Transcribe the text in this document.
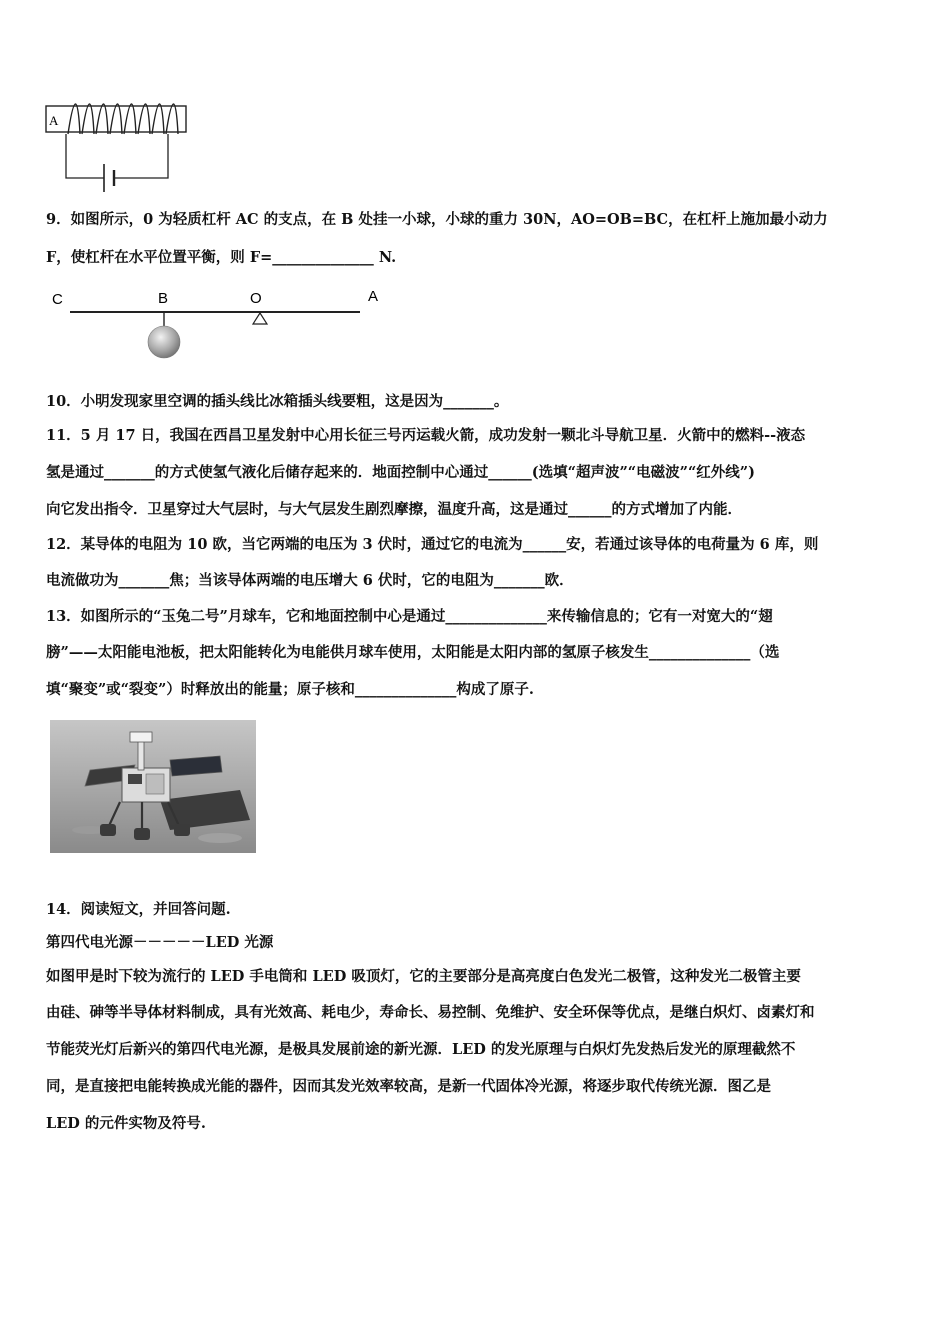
A
C	B	O	A
9．如图所示，0 为轻质杠杆 AC 的支点，在 B 处挂一小球，小球的重力 30N，AO=OB=BC，在杠杆上施加最小动力
F，使杠杆在水平位置平衡，则 F=______________ N.
10．小明发现家里空调的插头线比冰箱插头线要粗，这是因为_______。
11．5 月 17 日，我国在西昌卫星发射中心用长征三号丙运载火箭，成功发射一颗北斗导航卫星．火箭中的燃料--液态
氢是通过_______的方式使氢气液化后储存起来的．地面控制中心通过______(选填“超声波”“电磁波”“红外线”)
向它发出指令．卫星穿过大气层时，与大气层发生剧烈摩擦，温度升高，这是通过______的方式增加了内能．
12．某导体的电阻为 10 欧，当它两端的电压为 3 伏时，通过它的电流为______安，若通过该导体的电荷量为 6 库，则
电流做功为_______焦；当该导体两端的电压增大 6 伏时，它的电阻为_______欧．
13．如图所示的“玉兔二号”月球车，它和地面控制中心是通过______________来传输信息的；它有一对宽大的“翅
膀”——太阳能电池板，把太阳能转化为电能供月球车使用，太阳能是太阳内部的氢原子核发生______________（选
填“聚变”或“裂变”）时释放出的能量；原子核和______________构成了原子.
14．阅读短文，并回答问题.
第四代电光源－－－－－LED 光源
如图甲是时下较为流行的 LED 手电筒和 LED 吸顶灯，它的主要部分是高亮度白色发光二极管，这种发光二极管主要
由硅、砷等半导体材料制成，具有光效高、耗电少，寿命长、易控制、免维护、安全环保等优点，是继白炽灯、卤素灯和
节能荧光灯后新兴的第四代电光源，是极具发展前途的新光源．LED 的发光原理与白炽灯先发热后发光的原理截然不
同，是直接把电能转换成光能的器件，因而其发光效率较高，是新一代固体冷光源，将逐步取代传统光源．图乙是
LED 的元件实物及符号.
